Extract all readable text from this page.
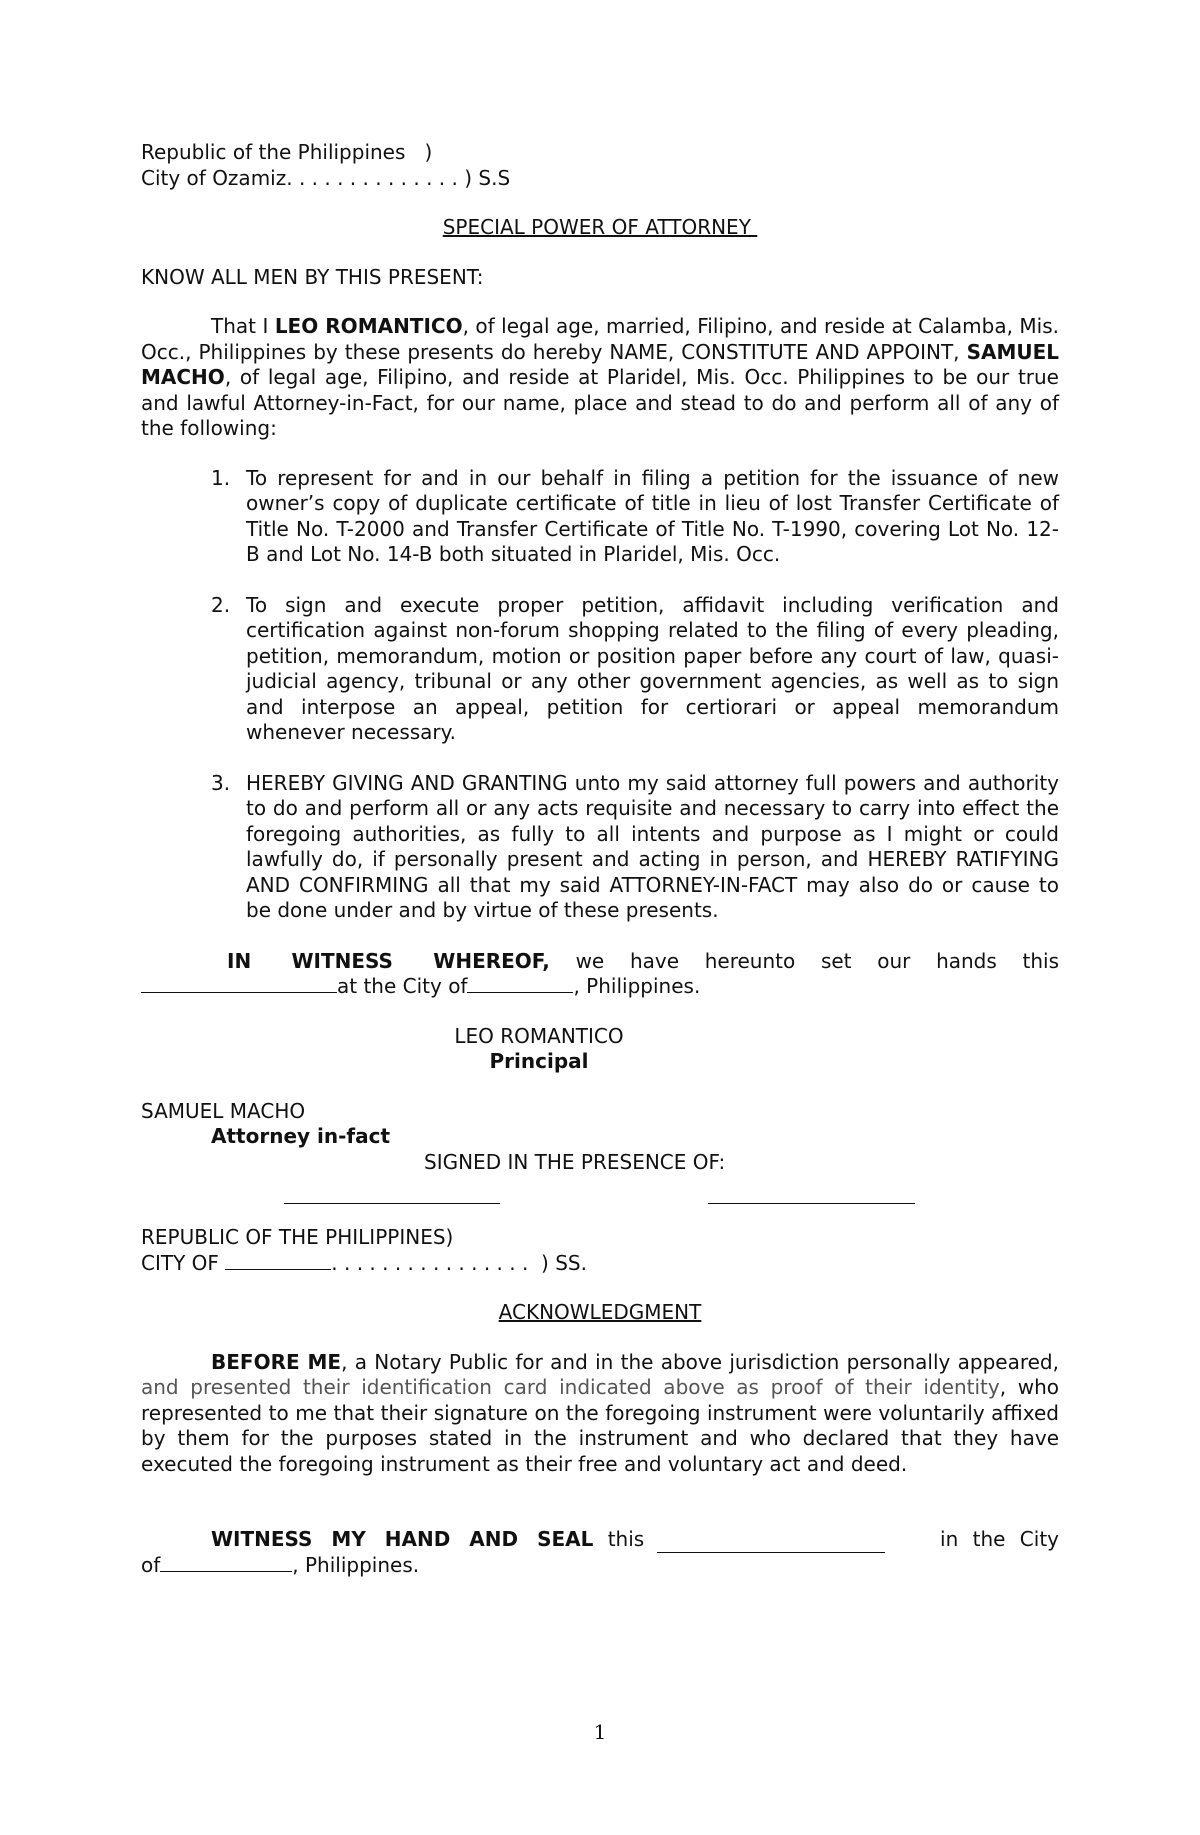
Republic of the Philippines   )

City of Ozamiz. . . . . . . . . . . . . . ) S.S

SPECIAL POWER OF ATTORNEY

KNOW ALL MEN BY THIS PRESENT:

That I LEO ROMANTICO, of legal age, married, Filipino, and reside at Calamba, Mis. Occ., Philippines by these presents do hereby NAME, CONSTITUTE AND APPOINT, SAMUEL MACHO, of legal age, Filipino, and reside at Plaridel, Mis. Occ. Philippines to be our true and lawful Attorney-in-Fact, for our name, place and stead to do and perform all of any of the following:

1. To represent for and in our behalf in filing a petition for the issuance of new owner’s copy of duplicate certificate of title in lieu of lost Transfer Certificate of Title No. T-2000 and Transfer Certificate of Title No. T-1990, covering Lot No. 12-B and Lot No. 14-B both situated in Plaridel, Mis. Occ.
2. To sign and execute proper petition, affidavit including verification and certification against non-forum shopping related to the filing of every pleading, petition, memorandum, motion or position paper before any court of law, quasi-judicial agency, tribunal or any other government agencies, as well as to sign and interpose an appeal, petition for certiorari or appeal memorandum whenever necessary.
3. HEREBY GIVING AND GRANTING unto my said attorney full powers and authority to do and perform all or any acts requisite and necessary to carry into effect the foregoing authorities, as fully to all intents and purpose as I might or could lawfully do, if personally present and acting in person, and HEREBY RATIFYING AND CONFIRMING all that my said ATTORNEY-IN-FACT may also do or cause to be done under and by virtue of these presents.

IN WITNESS WHEREOF, we have hereunto set our hands this

at the City of	, Philippines.

LEO ROMANTICO

Principal

SAMUEL MACHO

Attorney in-fact

SIGNED IN THE PRESENCE OF:

REPUBLIC OF THE PHILIPPINES)

CITY OF	. . . . . . . . . . . . . . . .  ) SS.

ACKNOWLEDGMENT

BEFORE ME, a Notary Public for and in the above jurisdiction personally appeared, and presented their identification card indicated above as proof of their identity, who represented to me that their signature on the foregoing instrument were voluntarily affixed by them for the purposes stated in the instrument and who declared that they have executed the foregoing instrument as their free and voluntary act and deed.

WITNESS MY HAND AND SEAL this	in the City

of	, Philippines.

1
